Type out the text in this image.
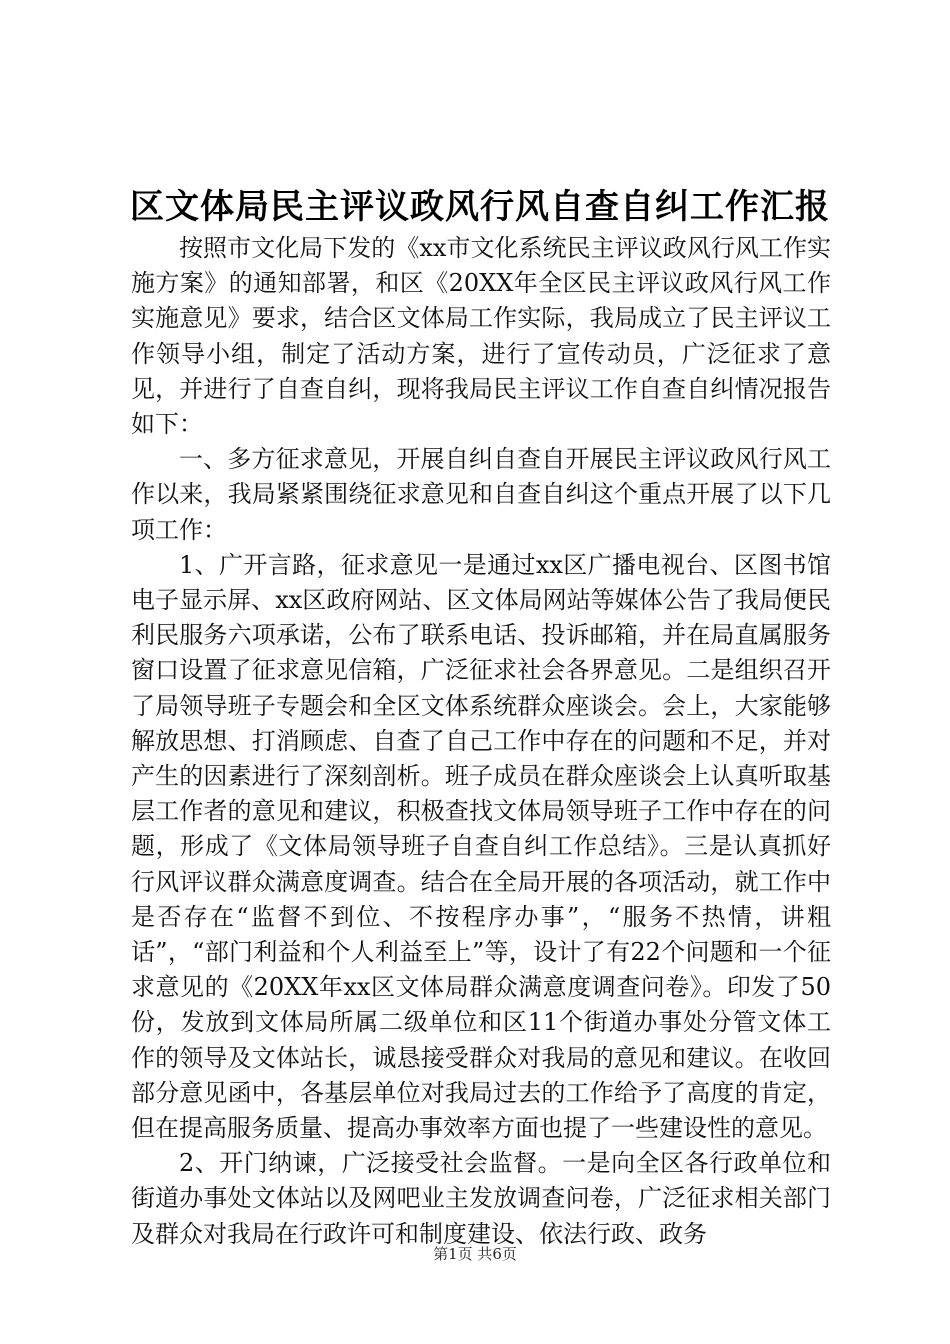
区文体局民主评议政风行风自查自纠工作汇报

按照市文化局下发的《xx市文化系统民主评议政风行风工作实施方案》的通知部署，和区《20XX年全区民主评议政风行风工作实施意见》要求，结合区文体局工作实际，我局成立了民主评议工作领导小组，制定了活动方案，进行了宣传动员，广泛征求了意见，并进行了自查自纠，现将我局民主评议工作自查自纠情况报告如下：

一、多方征求意见，开展自纠自查自开展民主评议政风行风工作以来，我局紧紧围绕征求意见和自查自纠这个重点开展了以下几项工作：

1、广开言路，征求意见一是通过xx区广播电视台、区图书馆电子显示屏、xx区政府网站、区文体局网站等媒体公告了我局便民利民服务六项承诺，公布了联系电话、投诉邮箱，并在局直属服务窗口设置了征求意见信箱，广泛征求社会各界意见。二是组织召开了局领导班子专题会和全区文体系统群众座谈会。会上，大家能够解放思想、打消顾虑、自查了自己工作中存在的问题和不足，并对产生的因素进行了深刻剖析。班子成员在群众座谈会上认真听取基层工作者的意见和建议，积极查找文体局领导班子工作中存在的问题，形成了《文体局领导班子自查自纠工作总结》。三是认真抓好行风评议群众满意度调查。结合在全局开展的各项活动，就工作中是否存在“监督不到位、不按程序办事”，“服务不热情，讲粗话”，“部门利益和个人利益至上”等，设计了有22个问题和一个征求意见的《20XX年xx区文体局群众满意度调查问卷》。印发了50份，发放到文体局所属二级单位和区11个街道办事处分管文体工作的领导及文体站长，诚恳接受群众对我局的意见和建议。在收回部分意见函中，各基层单位对我局过去的工作给予了高度的肯定，但在提高服务质量、提高办事效率方面也提了一些建设性的意见。

2、开门纳谏，广泛接受社会监督。一是向全区各行政单位和街道办事处文体站以及网吧业主发放调查问卷，广泛征求相关部门及群众对我局在行政许可和制度建设、依法行政、政务

第1页 共6页
